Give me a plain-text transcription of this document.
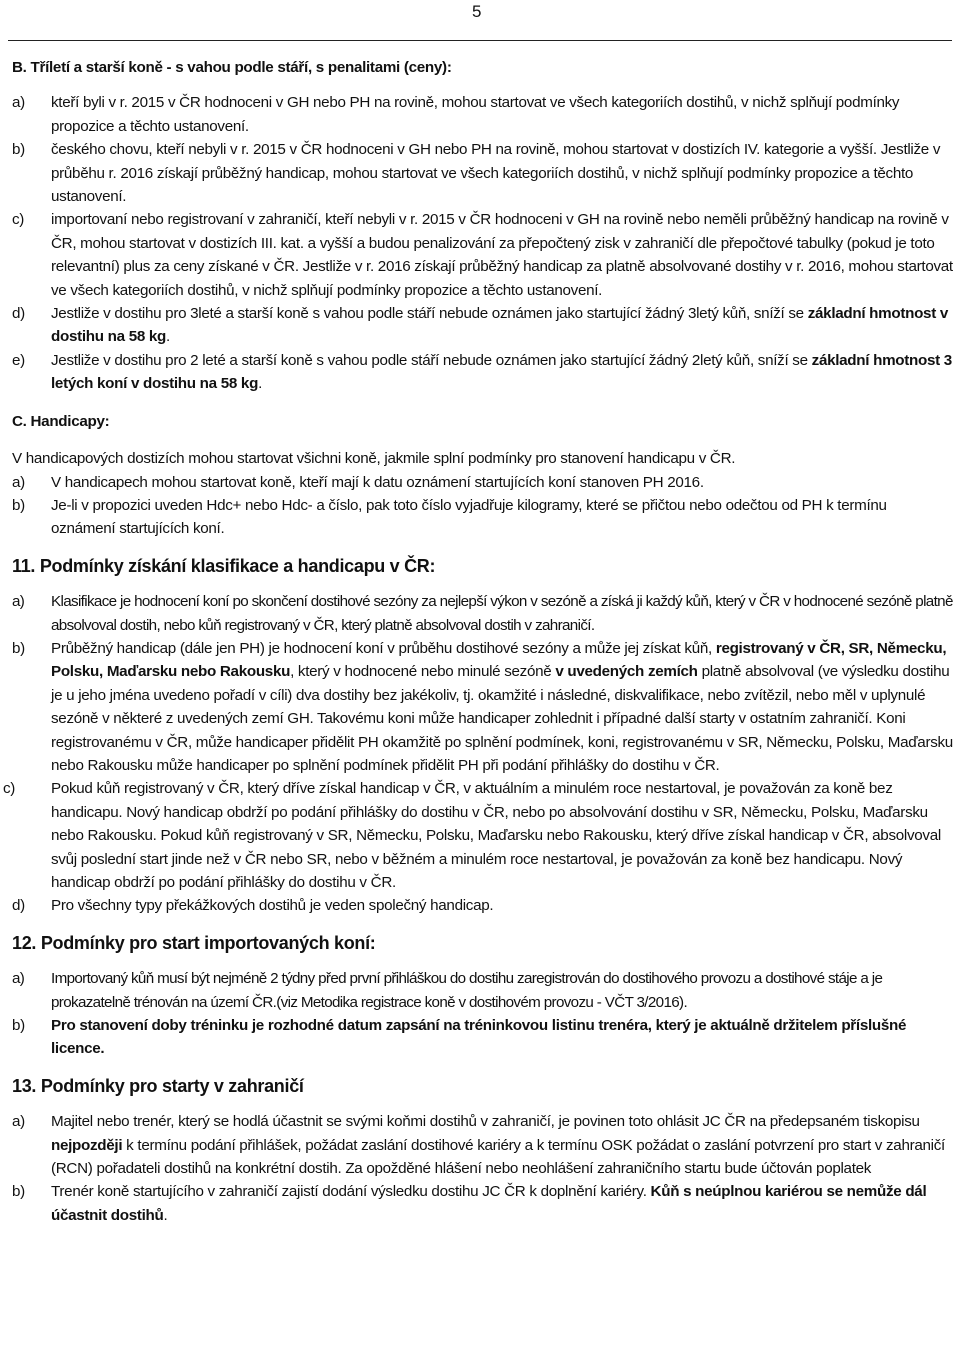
5
B. Tříletí a starší koně - s vahou podle stáří, s penalitami (ceny):
a)	kteří byli v r. 2015 v ČR hodnoceni v GH nebo PH na rovině, mohou startovat ve všech kategoriích dostihů, v nichž splňují podmínky propozice a těchto ustanovení.
b)	českého chovu, kteří nebyli v r. 2015 v ČR hodnoceni v GH nebo PH na rovině, mohou startovat v dostizích IV. kategorie a vyšší. Jestliže v průběhu r. 2016 získají průběžný handicap, mohou startovat ve všech kategoriích dostihů, v nichž splňují podmínky propozice a těchto ustanovení.
c)	importovaní nebo registrovaní v zahraničí, kteří nebyli v r. 2015 v ČR hodnoceni v GH na rovině nebo neměli průběžný handicap na rovině v ČR, mohou startovat v dostizích III. kat. a vyšší a budou penalizování za přepočtený zisk v zahraničí dle přepočtové tabulky (pokud je toto relevantní) plus za ceny získané v ČR. Jestliže v r. 2016 získají průběžný handicap za platně absolvované dostihy v r. 2016, mohou startovat ve všech kategoriích dostihů, v nichž splňují podmínky propozice a těchto ustanovení.
d)	Jestliže v dostihu pro 3leté a starší koně s vahou podle stáří nebude oznámen jako startující žádný 3letý kůň, sníží se základní hmotnost v dostihu na 58 kg.
e)	Jestliže v dostihu pro 2 leté a starší koně s vahou podle stáří nebude oznámen jako startující žádný 2letý kůň, sníží se základní hmotnost 3 letých koní v dostihu na 58 kg.
C. Handicapy:
V handicapových dostizích mohou startovat všichni koně, jakmile splní podmínky pro stanovení handicapu v ČR.
a)	V handicapech mohou startovat koně, kteří mají k datu oznámení startujících koní stanoven PH 2016.
b)	Je-li v propozici uveden Hdc+ nebo Hdc- a číslo, pak toto číslo vyjadřuje kilogramy, které se přičtou nebo odečtou od PH k termínu oznámení startujících koní.
11. Podmínky získání klasifikace a handicapu v ČR:
a)	Klasifikace je hodnocení koní po skončení dostihové sezóny za nejlepší výkon v sezóně a získá ji každý kůň, který v ČR v hodnocené sezóně platně absolvoval dostih, nebo kůň registrovaný v ČR, který platně absolvoval dostih v zahraničí.
b)	Průběžný handicap (dále jen PH) je hodnocení koní v průběhu dostihové sezóny a může jej získat kůň, registrovaný v ČR, SR, Německu, Polsku, Maďarsku nebo Rakousku, který v hodnocené nebo minulé sezóně v uvedených zemích platně absolvoval (ve výsledku dostihu je u jeho jména uvedeno pořadí v cíli) dva dostihy bez jakékoliv, tj. okamžité i následné, diskvalifikace, nebo zvítězil, nebo měl v uplynulé sezóně v některé z uvedených zemí GH. Takovému koni může handicaper zohlednit i případné další starty v ostatním zahraničí. Koni registrovanému v ČR, může handicaper přidělit PH okamžitě po splnění podmínek, koni, registrovanému v SR, Německu, Polsku, Maďarsku nebo Rakousku může handicaper po splnění podmínek přidělit PH při podání přihlášky do dostihu v ČR.
c)	Pokud kůň registrovaný v ČR, který dříve získal handicap v ČR, v aktuálním a minulém roce nestartoval, je považován za koně bez handicapu. Nový handicap obdrží po podání přihlášky do dostihu v ČR, nebo po absolvování dostihu v SR, Německu, Polsku, Maďarsku nebo Rakousku. Pokud kůň registrovaný v SR, Německu, Polsku, Maďarsku nebo Rakousku, který dříve získal handicap v ČR, absolvoval svůj poslední start jinde než v ČR nebo SR, nebo v běžném a minulém roce nestartoval, je považován za koně bez handicapu. Nový handicap obdrží po podání přihlášky do dostihu v ČR.
d)	Pro všechny typy překážkových dostihů je veden společný handicap.
12. Podmínky pro start importovaných koní:
a)	Importovaný kůň musí být nejméně 2 týdny před první přihláškou do dostihu zaregistrován do dostihového provozu a dostihové stáje a je prokazatelně trénován na území ČR.(viz Metodika registrace koně v dostihovém provozu - VČT 3/2016).
b)	Pro stanovení doby tréninku je rozhodné datum zapsání na tréninkovou listinu trenéra, který je aktuálně držitelem příslušné licence.
13. Podmínky pro starty v zahraničí
a)	Majitel nebo trenér, který se hodlá účastnit se svými koňmi dostihů v zahraničí, je povinen toto ohlásit JC ČR na předepsaném tiskopisu nejpozději k termínu podání přihlášek, požádat zaslání dostihové kariéry a k termínu OSK požádat o zaslání potvrzení pro start v zahraničí (RCN) pořadateli dostihů na konkrétní dostih. Za opožděné hlášení nebo neohlášení zahraničního startu bude účtován poplatek
b)	Trenér koně startujícího v zahraničí zajistí dodání výsledku dostihu JC ČR k doplnění kariéry. Kůň s neúplnou kariérou se nemůže dál účastnit dostihů.
